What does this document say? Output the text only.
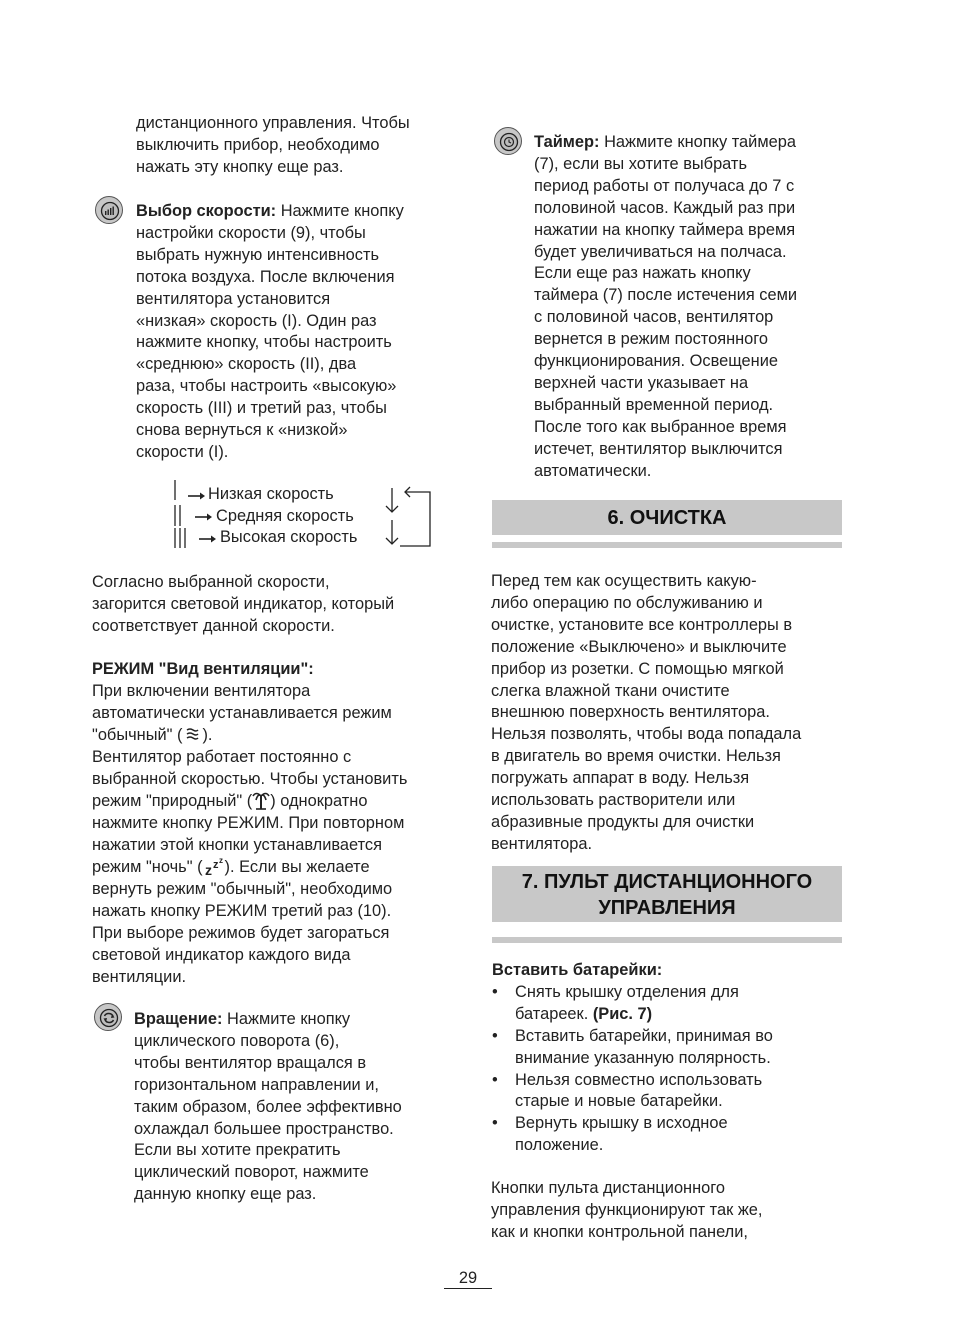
дистанционного управления. Чтобы

выключить прибор, необходимо

нажать эту кнопку еще раз.

Выбор скорости: Нажмите кнопку

настройки скорости (9), чтобы

выбрать нужную интенсивность

потока воздуха. После включения

вентилятора установится

«низкая» скорость (I). Один раз

нажмите кнопку, чтобы настроить

«среднюю» скорость (II), два

раза, чтобы настроить «высокую»

скорость (III) и третий раз, чтобы

снова вернуться к «низкой»

скорости (I).

Низкая скорость
Средняя скорость
Высокая скорость

Согласно выбранной скорости,

загорится световой индикатор, который

соответствует данной скорости.

РЕЖИМ "Вид вентиляции":

При включении вентилятора

автоматически устанавливается режим

"обычный" ( ).

Вентилятор работает постоянно с

выбранной скоростью. Чтобы установить

режим "природный" ( ) однократно

нажмите кнопку РЕЖИМ. При повторном

нажатии этой кнопки устанавливается

режим "ночь" ( z z z ). Если вы желаете

вернуть режим "обычный", необходимо

нажать кнопку РЕЖИМ третий раз (10).

При выборе режимов будет загораться

световой индикатор каждого вида

вентиляции.

Вращение: Нажмите кнопку

циклического поворота (6),

чтобы вентилятор вращался в

горизонтальном направлении и,

таким образом, более эффективно

охлаждал большее пространство.

Если вы хотите прекратить

циклический поворот, нажмите

данную кнопку еще раз.

Таймер: Нажмите кнопку таймера

(7), если вы хотите выбрать

период работы от получаса до 7 с

половиной часов. Каждый раз при

нажатии на кнопку таймера время

будет увеличиваться на полчаса.

Если еще раз нажать кнопку

таймера (7) после истечения семи

с половиной часов, вентилятор

вернется в режим постоянного

функционирования. Освещение

верхней части указывает на

выбранный временной период.

После того как выбранное время

истечет, вентилятор выключится

автоматически.

6. ОЧИСТКА

Перед тем как осуществить какую-

либо операцию по обслуживанию и

очистке, установите все контроллеры в

положение «Выключено» и выключите

прибор из розетки. С помощью мягкой

слегка влажной ткани очистите

внешнюю поверхность вентилятора.

Нельзя позволять, чтобы вода попадала

в двигатель во время очистки. Нельзя

погружать аппарат в воду. Нельзя

использовать растворители или

абразивные продукты для очистки

вентилятора.

7. ПУЛЬТ ДИСТАНЦИОННОГО
УПРАВЛЕНИЯ

Вставить батарейки:

• Снять крышку отделения для
батареек. (Рис. 7)
• Вставить батарейки, принимая во
внимание указанную полярность.
• Нельзя совместно использовать
старые и новые батарейки.
• Вернуть крышку в исходное
положение.

Кнопки пульта дистанционного

управления функционируют так же,

как и кнопки контрольной панели,

29
